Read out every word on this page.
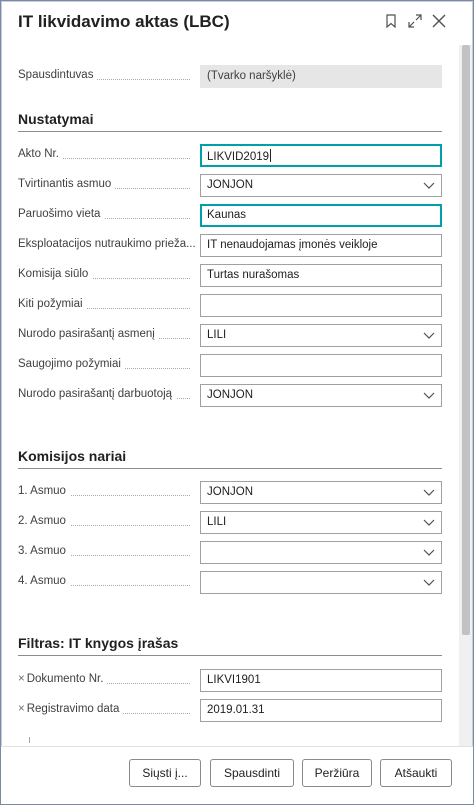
IT likvidavimo aktas (LBC)
Spausdintuvas	(Tvarko naršyklė)
Nustatymai
Akto Nr.	LIKVID2019
Tvirtinantis asmuo	JONJON
Paruošimo vieta	Kaunas
Eksploatacijos nutraukimo prieža... IT nenaudojamas įmonės veikloje
Komisija siūlo	Turtas nurašomas
Kiti požymiai
Nurodo pasirašantį asmenį	LILI
Saugojimo požymiai
Nurodo pasirašantį darbuotoją	JONJON
Komisijos nariai
1. Asmuo	JONJON
2. Asmuo	LILI
3. Asmuo
4. Asmuo
Filtras: IT knygos įrašas
× Dokumento Nr.	LIKVI1901
× Registravimo data	2019.01.31
Siųsti į...	Spausdinti	Peržiūra	Atšaukti
